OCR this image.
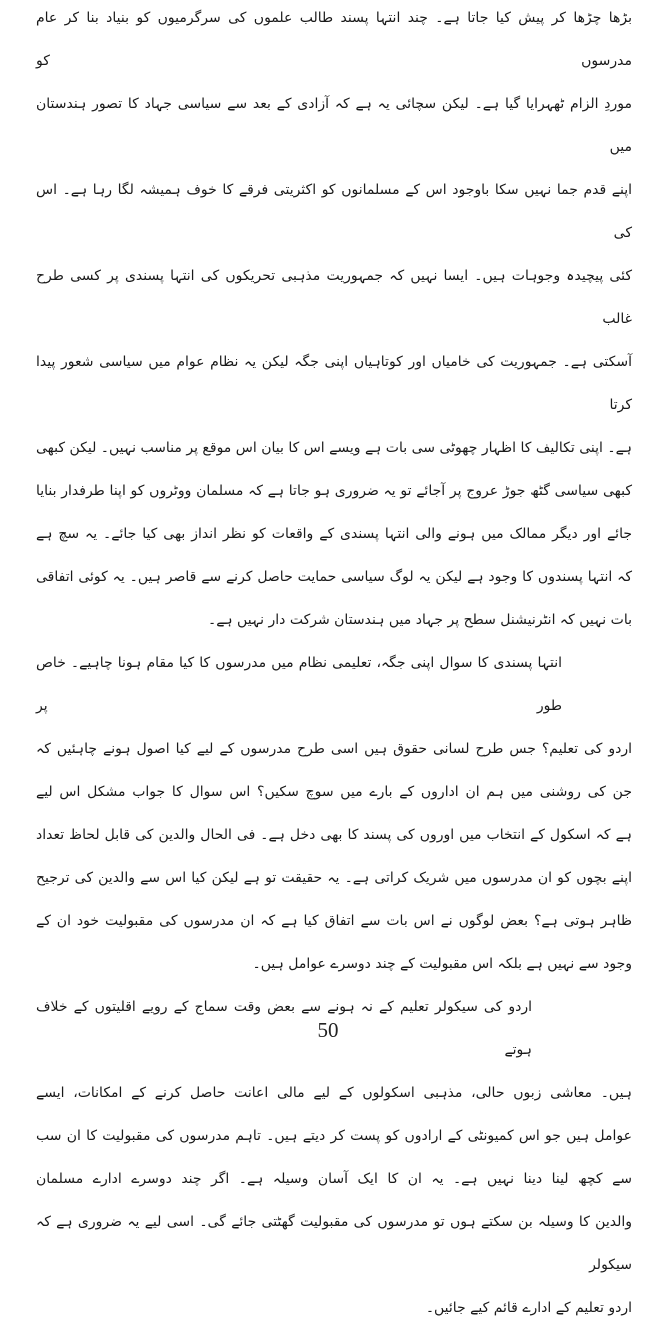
بڑھا چڑھا کر پیش کیا جاتا ہے۔ چند انتہا پسند طالب علموں کی سرگرمیوں کو بنیاد بنا کر عام مدرسوں کو
موردِ الزام ٹھہرایا گیا ہے۔ لیکن سچائی یہ ہے کہ آزادی کے بعد سے سیاسی جہاد کا تصور ہندستان میں
اپنے قدم جما نہیں سکا باوجود اس کے مسلمانوں کو اکثریتی فرقے کا خوف ہمیشہ لگا رہا ہے۔ اس کی
کئی پیچیدہ وجوہات ہیں۔ ایسا نہیں کہ جمہوریت مذہبی تحریکوں کی انتہا پسندی پر کسی طرح غالب
آسکتی ہے۔ جمہوریت کی خامیاں اور کوتاہیاں اپنی جگہ لیکن یہ نظام عوام میں سیاسی شعور پیدا کرتا
ہے۔ اپنی تکالیف کا اظہار چھوٹی سی بات ہے ویسے اس کا بیان اس موقع پر مناسب نہیں۔ لیکن کبھی
کبھی سیاسی گٹھ جوڑ عروج پر آجائے تو یہ ضروری ہو جاتا ہے کہ مسلمان ووٹروں کو اپنا طرفدار بنایا
جائے اور دیگر ممالک میں ہونے والی انتہا پسندی کے واقعات کو نظر انداز بھی کیا جائے۔ یہ سچ ہے
کہ انتہا پسندوں کا وجود ہے لیکن یہ لوگ سیاسی حمایت حاصل کرنے سے قاصر ہیں۔ یہ کوئی اتفاقی
بات نہیں کہ انٹرنیشنل سطح پر جہاد میں ہندستان شرکت دار نہیں ہے۔
انتہا پسندی کا سوال اپنی جگہ، تعلیمی نظام میں مدرسوں کا کیا مقام ہونا چاہیے۔ خاص طور پر
اردو کی تعلیم؟ جس طرح لسانی حقوق ہیں اسی طرح مدرسوں کے لیے کیا اصول ہونے چاہئیں کہ
جن کی روشنی میں ہم ان اداروں کے بارے میں سوچ سکیں؟ اس سوال کا جواب مشکل اس لیے
ہے کہ اسکول کے انتخاب میں اوروں کی پسند کا بھی دخل ہے۔ فی الحال والدین کی قابل لحاظ تعداد
اپنے بچوں کو ان مدرسوں میں شریک کراتی ہے۔ یہ حقیقت تو ہے لیکن کیا اس سے والدین کی ترجیح
ظاہر ہوتی ہے؟ بعض لوگوں نے اس بات سے اتفاق کیا ہے کہ ان مدرسوں کی مقبولیت خود ان کے
وجود سے نہیں ہے بلکہ اس مقبولیت کے چند دوسرے عوامل ہیں۔
اردو کی سیکولر تعلیم کے نہ ہونے سے بعض وقت سماج کے رویے اقلیتوں کے خلاف ہوتے
ہیں۔ معاشی زبوں حالی، مذہبی اسکولوں کے لیے مالی اعانت حاصل کرنے کے امکانات، ایسے
عوامل ہیں جو اس کمیونٹی کے ارادوں کو پست کر دیتے ہیں۔ تاہم مدرسوں کی مقبولیت کا ان سب
سے کچھ لینا دینا نہیں ہے۔ یہ ان کا ایک آسان وسیلہ ہے۔ اگر چند دوسرے ادارے مسلمان
والدین کا وسیلہ بن سکتے ہوں تو مدرسوں کی مقبولیت گھٹتی جائے گی۔ اسی لیے یہ ضروری ہے کہ سیکولر
اردو تعلیم کے ادارے قائم کیے جائیں۔
50
